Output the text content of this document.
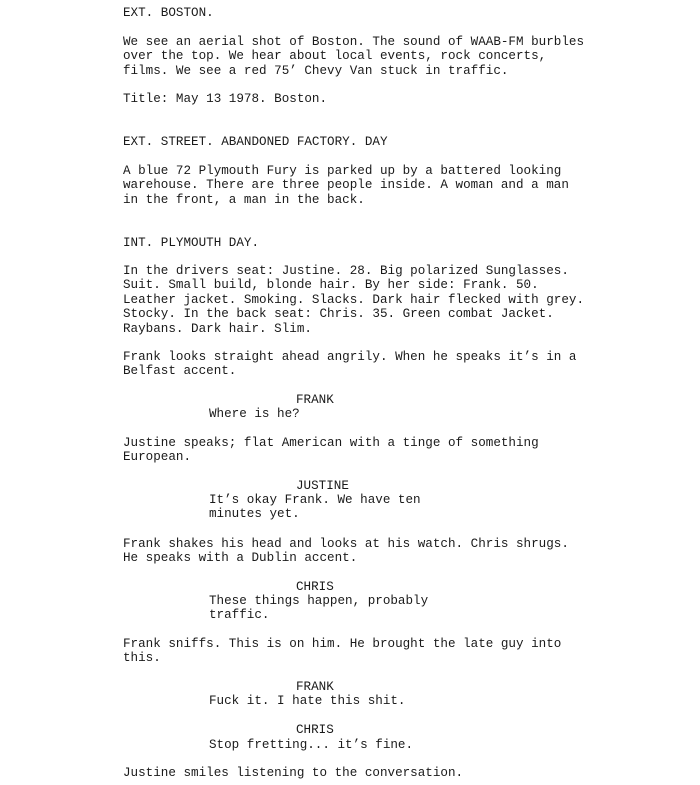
EXT. BOSTON.

We see an aerial shot of Boston. The sound of WAAB-FM burbles
over the top. We hear about local events, rock concerts,
films. We see a red 75’ Chevy Van stuck in traffic.

Title: May 13 1978. Boston.

EXT. STREET. ABANDONED FACTORY. DAY

A blue 72 Plymouth Fury is parked up by a battered looking
warehouse. There are three people inside. A woman and a man
in the front, a man in the back.

INT. PLYMOUTH DAY.

In the drivers seat: Justine. 28. Big polarized Sunglasses.
Suit. Small build, blonde hair. By her side: Frank. 50.
Leather jacket. Smoking. Slacks. Dark hair flecked with grey.
Stocky. In the back seat: Chris. 35. Green combat Jacket.
Raybans. Dark hair. Slim.

Frank looks straight ahead angrily. When he speaks it’s in a
Belfast accent.

FRANK

Where is he?

Justine speaks; flat American with a tinge of something
European.

JUSTINE

It’s okay Frank. We have ten
minutes yet.

Frank shakes his head and looks at his watch. Chris shrugs.
He speaks with a Dublin accent.

CHRIS

These things happen, probably
traffic.

Frank sniffs. This is on him. He brought the late guy into
this.

FRANK

Fuck it. I hate this shit.

CHRIS

Stop fretting... it’s fine.

Justine smiles listening to the conversation.
